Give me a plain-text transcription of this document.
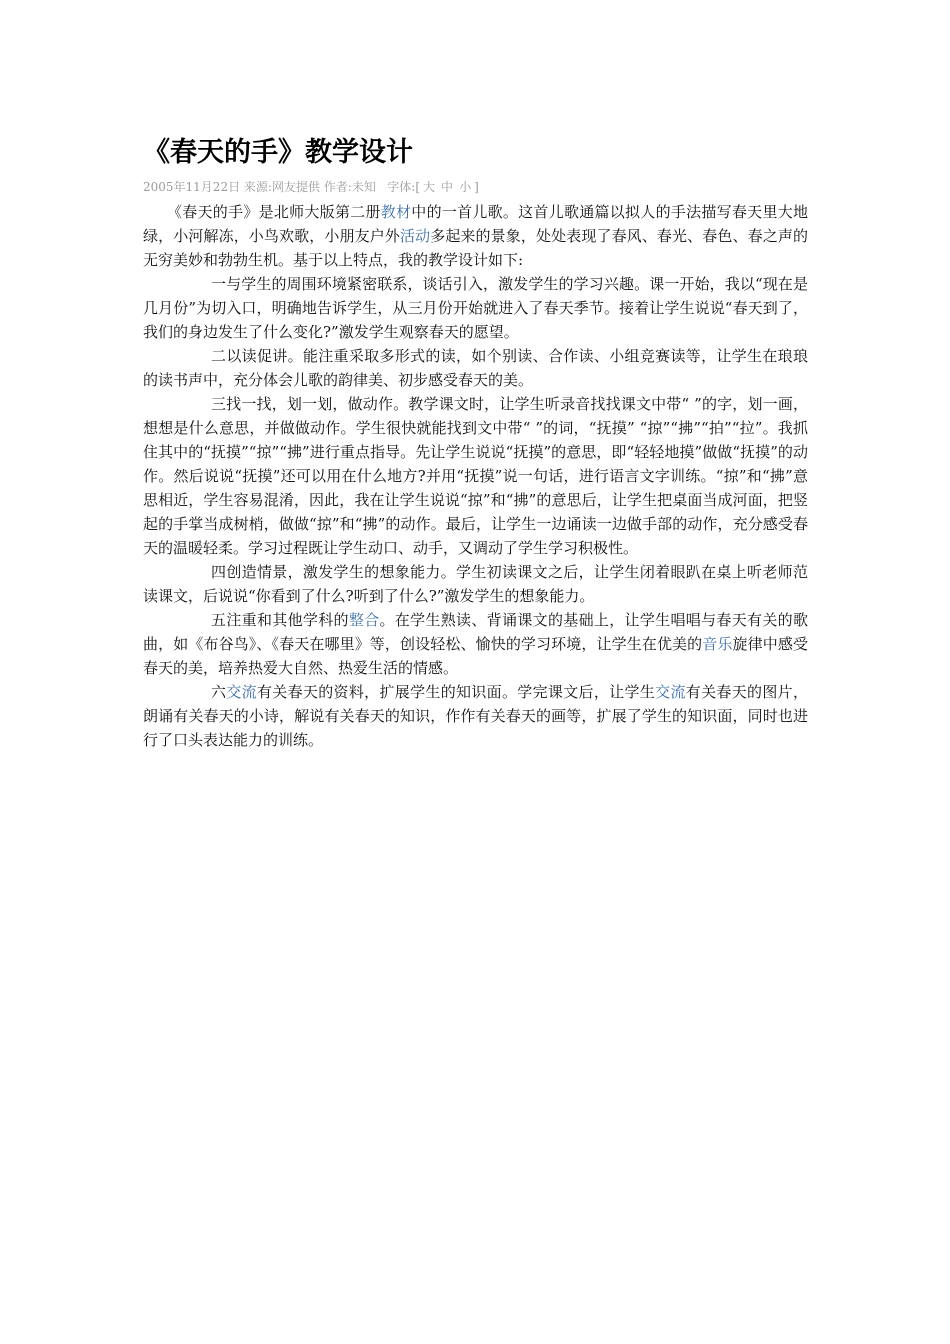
《春天的手》教学设计
2005年11月22日 来源:网友提供 作者:未知 字体:[ 大 中 小 ]

《春天的手》是北师大版第二册教材中的一首儿歌。这首儿歌通篇以拟人的手法描写春天里大地绿，小河解冻，小鸟欢歌，小朋友户外活动多起来的景象，处处表现了春风、春光、春色、春之声的无穷美妙和勃勃生机。基于以上特点，我的教学设计如下:

一与学生的周围环境紧密联系，谈话引入，激发学生的学习兴趣。课一开始，我以“现在是几月份”为切入口，明确地告诉学生，从三月份开始就进入了春天季节。接着让学生说说“春天到了，我们的身边发生了什么变化?”激发学生观察春天的愿望。

二以读促讲。能注重采取多形式的读，如个别读、合作读、小组竞赛读等，让学生在琅琅的读书声中，充分体会儿歌的韵律美、初步感受春天的美。

三找一找，划一划，做动作。教学课文时，让学生听录音找找课文中带“ ”的字，划一画，想想是什么意思，并做做动作。学生很快就能找到文中带“ ”的词，“抚摸” “掠”“拂”“拍”“拉”。我抓住其中的“抚摸”“掠”“拂”进行重点指导。先让学生说说“抚摸”的意思，即“轻轻地摸”做做“抚摸”的动作。然后说说“抚摸”还可以用在什么地方?并用“抚摸”说一句话，进行语言文字训练。“掠”和“拂”意思相近，学生容易混淆，因此，我在让学生说说“掠”和“拂”的意思后，让学生把桌面当成河面，把竖起的手掌当成树梢，做做“掠”和“拂”的动作。最后，让学生一边诵读一边做手部的动作，充分感受春天的温暖轻柔。学习过程既让学生动口、动手，又调动了学生学习积极性。

四创造情景，激发学生的想象能力。学生初读课文之后，让学生闭着眼趴在桌上听老师范读课文，后说说“你看到了什么?听到了什么?”激发学生的想象能力。

五注重和其他学科的整合。在学生熟读、背诵课文的基础上，让学生唱唱与春天有关的歌曲，如《布谷鸟》、《春天在哪里》等，创设轻松、愉快的学习环境，让学生在优美的音乐旋律中感受春天的美，培养热爱大自然、热爱生活的情感。

六交流有关春天的资料，扩展学生的知识面。学完课文后，让学生交流有关春天的图片，朗诵有关春天的小诗，解说有关春天的知识，作作有关春天的画等，扩展了学生的知识面，同时也进行了口头表达能力的训练。
